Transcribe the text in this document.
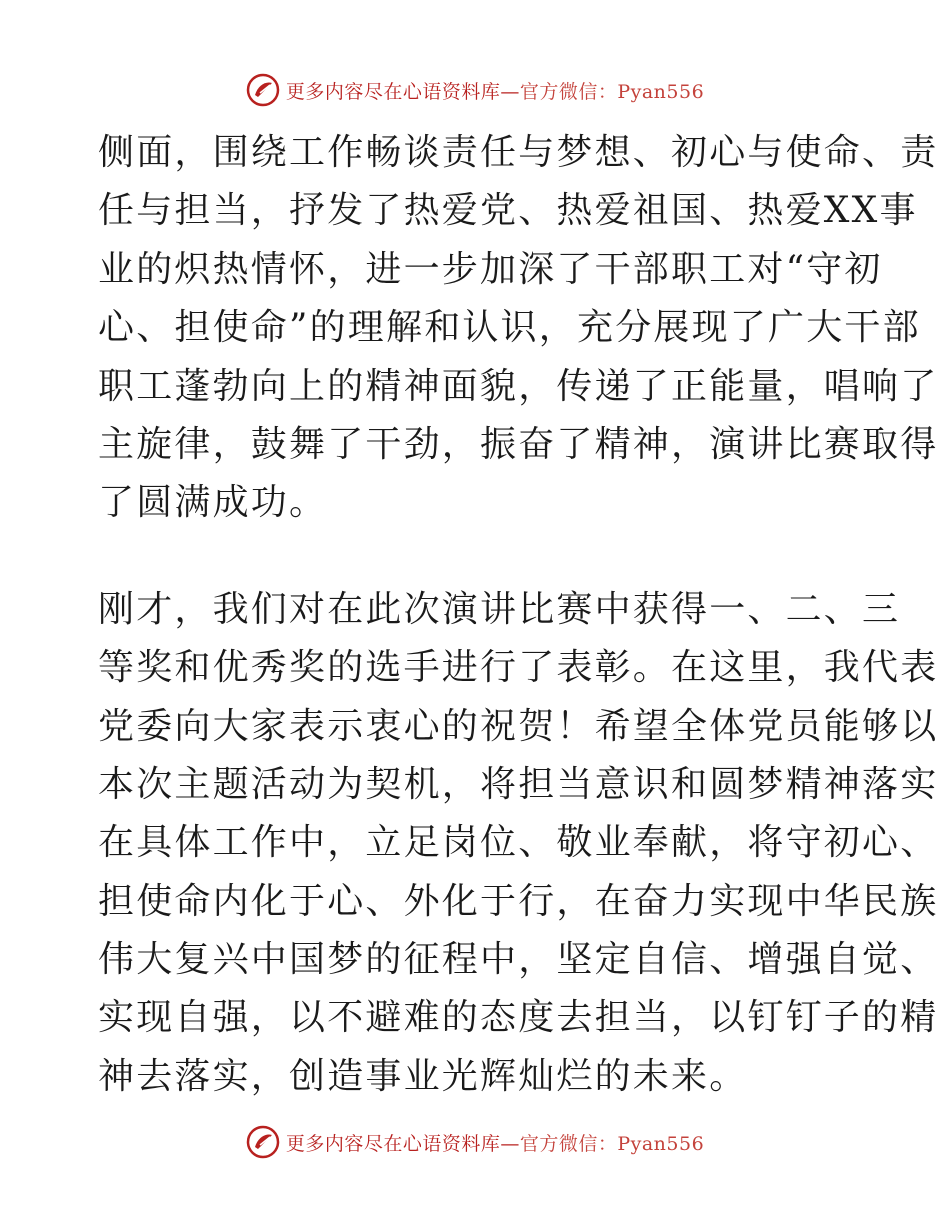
更多内容尽在心语资料库—官方微信：Pyan556
侧面，围绕工作畅谈责任与梦想、初心与使命、责
任与担当，抒发了热爱党、热爱祖国、热爱XX事
业的炽热情怀，进一步加深了干部职工对“守初
心、担使命”的理解和认识，充分展现了广大干部
职工蓬勃向上的精神面貌，传递了正能量，唱响了
主旋律，鼓舞了干劲，振奋了精神，演讲比赛取得
了圆满成功。
刚才，我们对在此次演讲比赛中获得一、二、三
等奖和优秀奖的选手进行了表彰。在这里，我代表
党委向大家表示衷心的祝贺！希望全体党员能够以
本次主题活动为契机，将担当意识和圆梦精神落实
在具体工作中，立足岗位、敬业奉献，将守初心、
担使命内化于心、外化于行，在奋力实现中华民族
伟大复兴中国梦的征程中，坚定自信、增强自觉、
实现自强，以不避难的态度去担当，以钉钉子的精
神去落实，创造事业光辉灿烂的未来。
更多内容尽在心语资料库—官方微信：Pyan556
